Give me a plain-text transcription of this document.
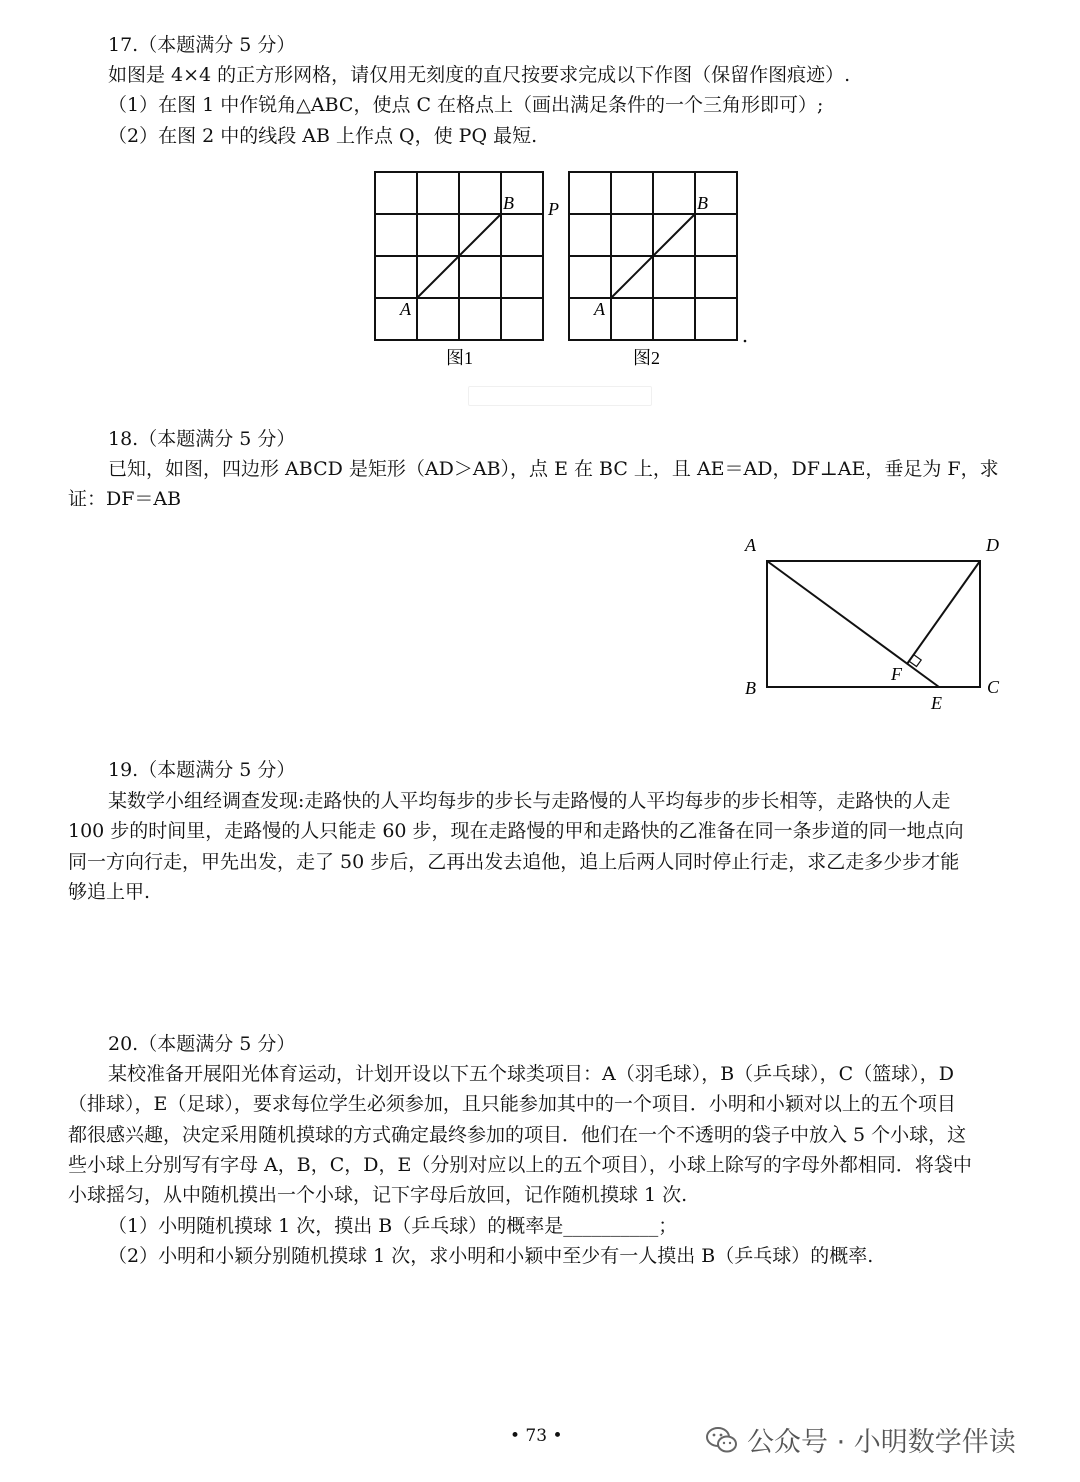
17.（本题满分 5 分）
如图是 4×4 的正方形网格，请仅用无刻度的直尺按要求完成以下作图（保留作图痕迹）.
（1）在图 1 中作锐角△ABC，使点 C 在格点上（画出满足条件的一个三角形即可）;
（2）在图 2 中的线段 AB 上作点 Q，使 PQ 最短.
A
B
图1
A
B
P
图2
18.（本题满分 5 分）
已知，如图，四边形 ABCD 是矩形（AD＞AB），点 E 在 BC 上，且 AE＝AD，DF⊥AE，垂足为 F，求
证：DF＝AB
A	D
B	C
F
E
19.（本题满分 5 分）
某数学小组经调查发现:走路快的人平均每步的步长与走路慢的人平均每步的步长相等，走路快的人走
100 步的时间里，走路慢的人只能走 60 步，现在走路慢的甲和走路快的乙准备在同一条步道的同一地点向
同一方向行走，甲先出发，走了 50 步后，乙再出发去追他，追上后两人同时停止行走，求乙走多少步才能
够追上甲.
20.（本题满分 5 分）
某校准备开展阳光体育运动，计划开设以下五个球类项目：A（羽毛球），B（乒乓球），C（篮球），D
（排球），E（足球），要求每位学生必须参加，且只能参加其中的一个项目．小明和小颖对以上的五个项目
都很感兴趣，决定采用随机摸球的方式确定最终参加的项目．他们在一个不透明的袋子中放入 5 个小球，这
些小球上分别写有字母 A，B，C，D，E（分别对应以上的五个项目），小球上除写的字母外都相同．将袋中
小球摇匀，从中随机摸出一个小球，记下字母后放回，记作随机摸球 1 次.
（1）小明随机摸球 1 次，摸出 B（乒乓球）的概率是__________；
（2）小明和小颖分别随机摸球 1 次，求小明和小颖中至少有一人摸出 B（乒乓球）的概率.
• 73 •	公众号 · 小明数学伴读
